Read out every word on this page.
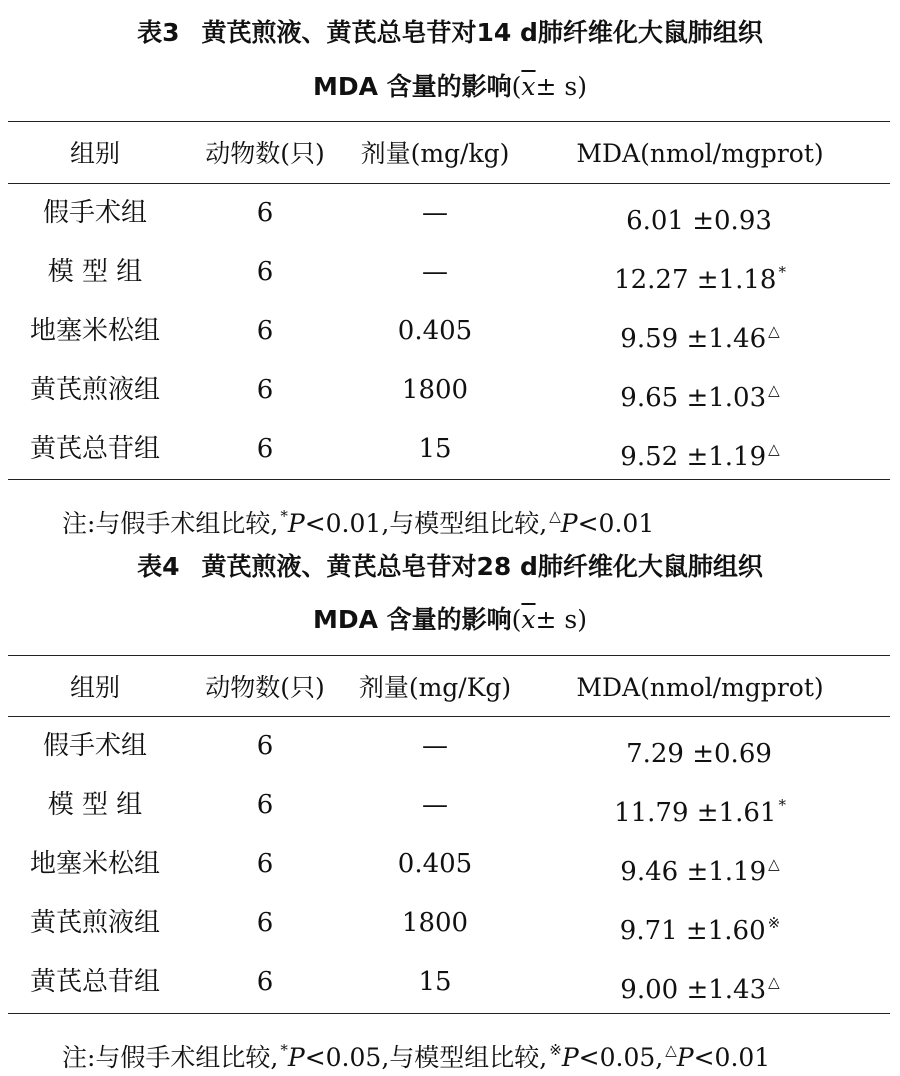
表3 黄芪煎液、黄芪总皂苷对14 d肺纤维化大鼠肺组织
MDA 含量的影响$(\overline{x}\pm s)$
组别	动物数(只)	剂量(mg/kg)	MDA(nmol/mgprot)
假手术组	6	—	6.01 ±0.93
模 型 组	6	—	12.27 ±1.18 *
地塞米松组	6	0.405	9.59 ±1.46 △
黄芪煎液组	6	1800	9.65 ±1.03 △
黄芪总苷组	6	15	9.52 ±1.19 △
注:与假手术组比较, *P<0.01,与模型组比较, △P<0.01
表4 黄芪煎液、黄芪总皂苷对28 d肺纤维化大鼠肺组织
MDA 含量的影响$(\overline{x}\pm s)$
组别	动物数(只)	剂量(mg/Kg)	MDA(nmol/mgprot)
假手术组	6	—	7.29 ±0.69
模 型 组	6	—	11.79 ±1.61 *
地塞米松组	6	0.405	9.46 ±1.19 △
黄芪煎液组	6	1800	9.71 ±1.60 ※
黄芪总苷组	6	15	9.00 ±1.43 △
注:与假手术组比较, *P<0.05,与模型组比较, ※P<0.05, △P<0.01
